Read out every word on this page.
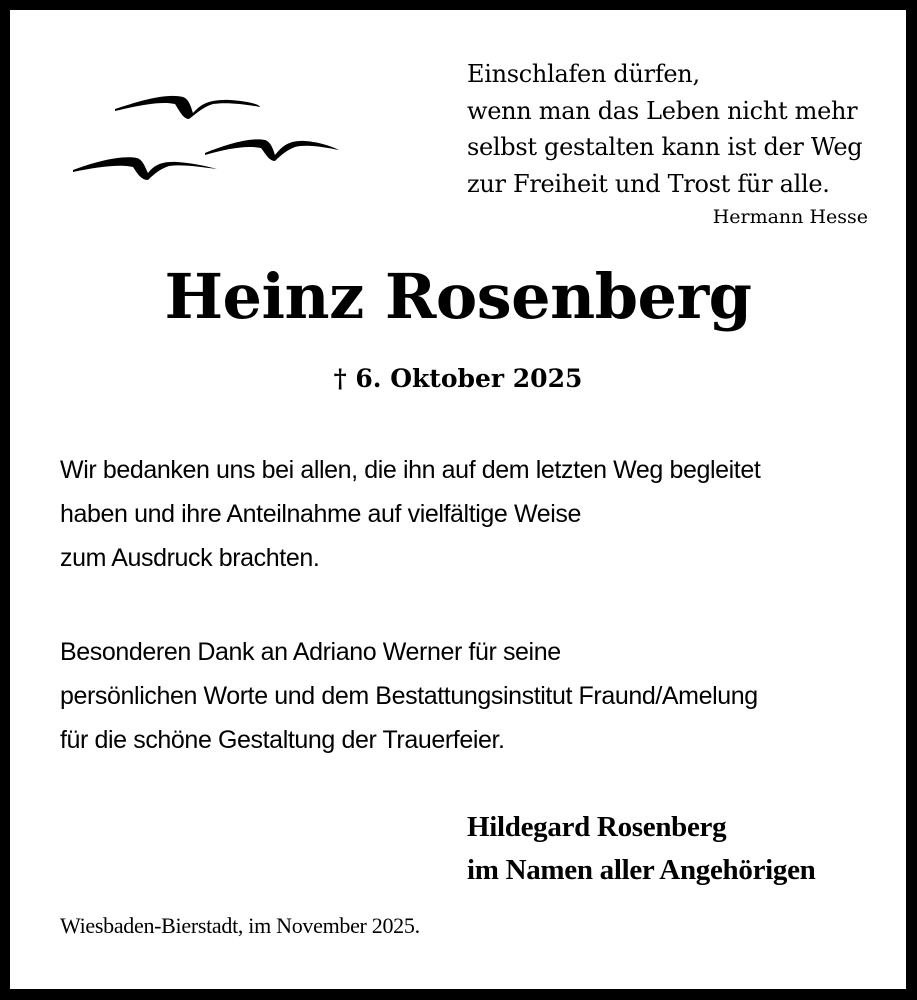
Einschlafen dürfen,
wenn man das Leben nicht mehr
selbst gestalten kann ist der Weg
zur Freiheit und Trost für alle.
Hermann Hesse
Heinz Rosenberg
† 6. Oktober 2025
Wir bedanken uns bei allen, die ihn auf dem letzten Weg begleitet
haben und ihre Anteilnahme auf vielfältige Weise
zum Ausdruck brachten.
Besonderen Dank an Adriano Werner für seine
persönlichen Worte und dem Bestattungsinstitut Fraund/Amelung
für die schöne Gestaltung der Trauerfeier.
Hildegard Rosenberg
im Namen aller Angehörigen
Wiesbaden-Bierstadt, im November 2025.
